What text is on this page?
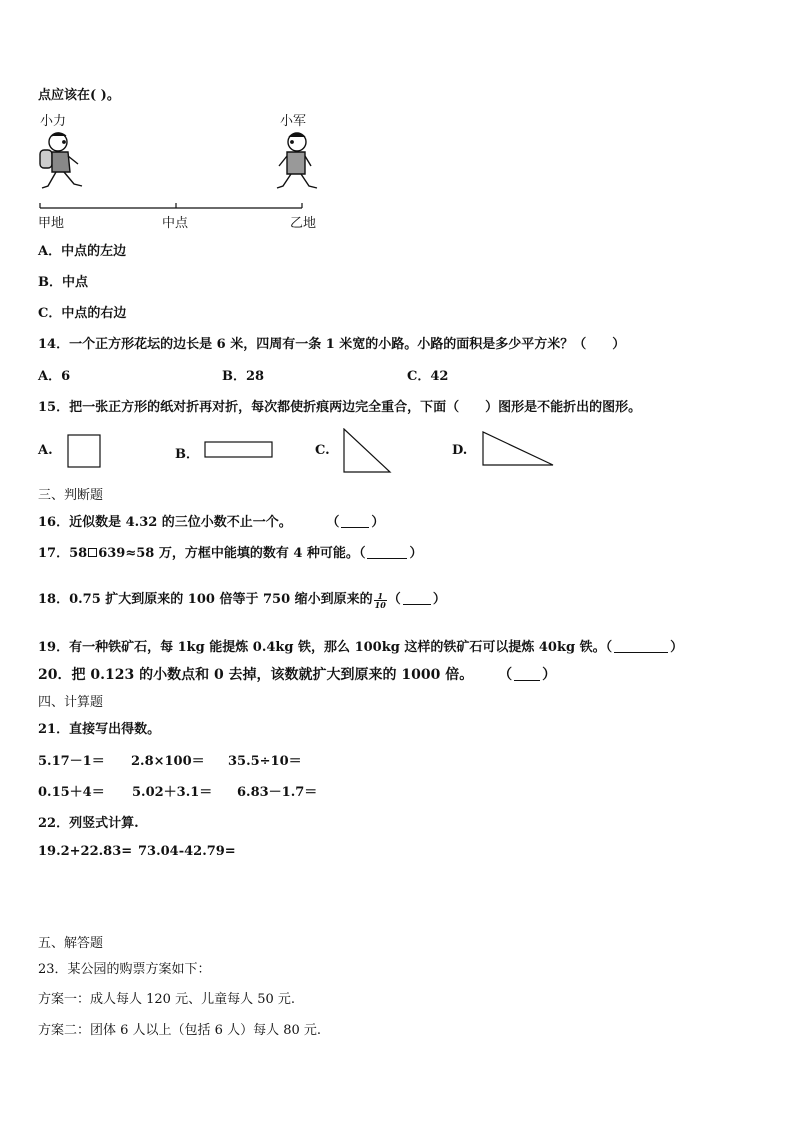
点应该在( )。
小力	小军
甲地	中点	乙地
A．中点的左边
B．中点
C．中点的右边
14．一个正方形花坛的边长是 6 米，四周有一条 1 米宽的小路。小路的面积是多少平方米？（　　）
A．6	B．28	C．42
15．把一张正方形的纸对折再对折，每次都使折痕两边完全重合，下面（　　）图形是不能折出的图形。
A.	B．	C.	D.
三、判断题
16．近似数是 4.32 的三位小数不止一个。	（ ）
17．58 639≈58 万，方框中能填的数有 4 种可能。（	）
18．0.75 扩大到原来的 100 倍等于 750 缩小到原来的 $\frac{1}{10}$ （ ）
19．有一种铁矿石，每 1kg 能提炼 0.4kg 铁，那么 100kg 这样的铁矿石可以提炼 40kg 铁。（	）
20．把 0.123 的小数点和 0 去掉，该数就扩大到原来的 1000 倍。 （ ）
四、计算题
21．直接写出得数。
5.17－1＝ 2.8×100＝ 35.5÷10＝
0.15＋4＝ 5.02＋3.1＝ 6.83－1.7＝
22．列竖式计算.
19.2+22.83= 73.04-42.79=
五、解答题
23．某公园的购票方案如下：
方案一：成人每人 120 元、儿童每人 50 元.
方案二：团体 6 人以上（包括 6 人）每人 80 元.
